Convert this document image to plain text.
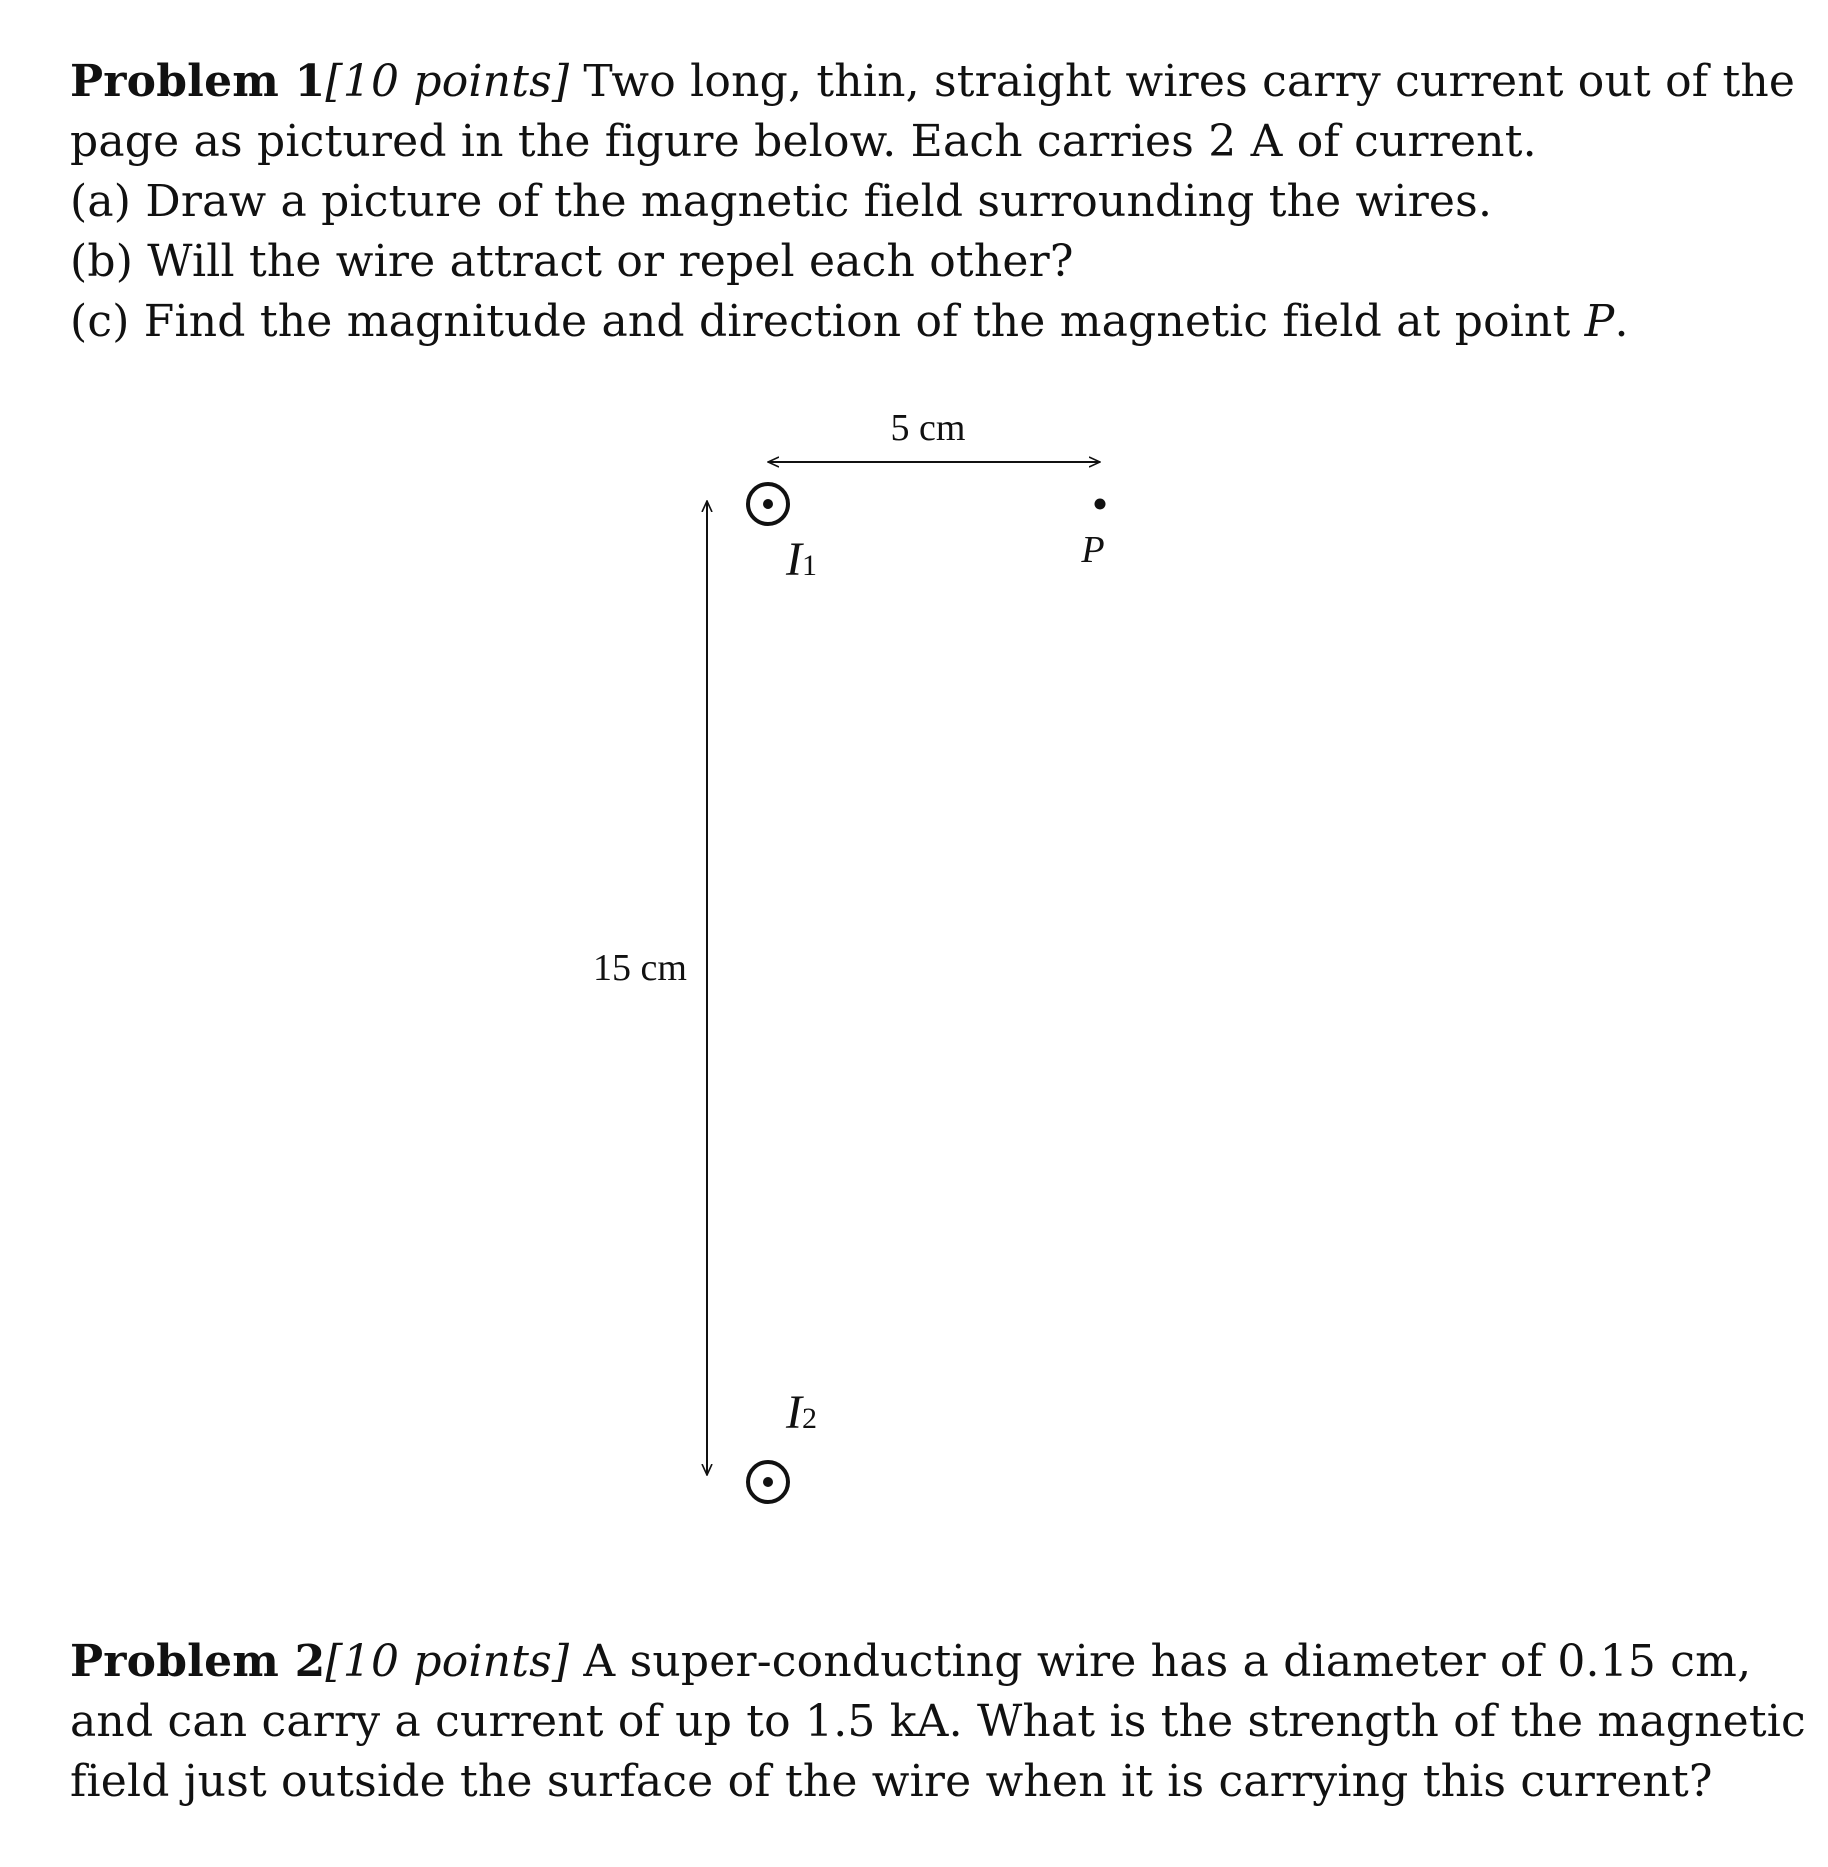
Problem 1[10 points] Two long, thin, straight wires carry current out of the
page as pictured in the figure below. Each carries 2 A of current.
(a) Draw a picture of the magnetic field surrounding the wires.
(b) Will the wire attract or repel each other?
(c) Find the magnitude and direction of the magnetic field at point P.
5 cm
15 cm
I1	P
I2
Problem 2[10 points] A super-conducting wire has a diameter of 0.15 cm,
and can carry a current of up to 1.5 kA. What is the strength of the magnetic
field just outside the surface of the wire when it is carrying this current?
